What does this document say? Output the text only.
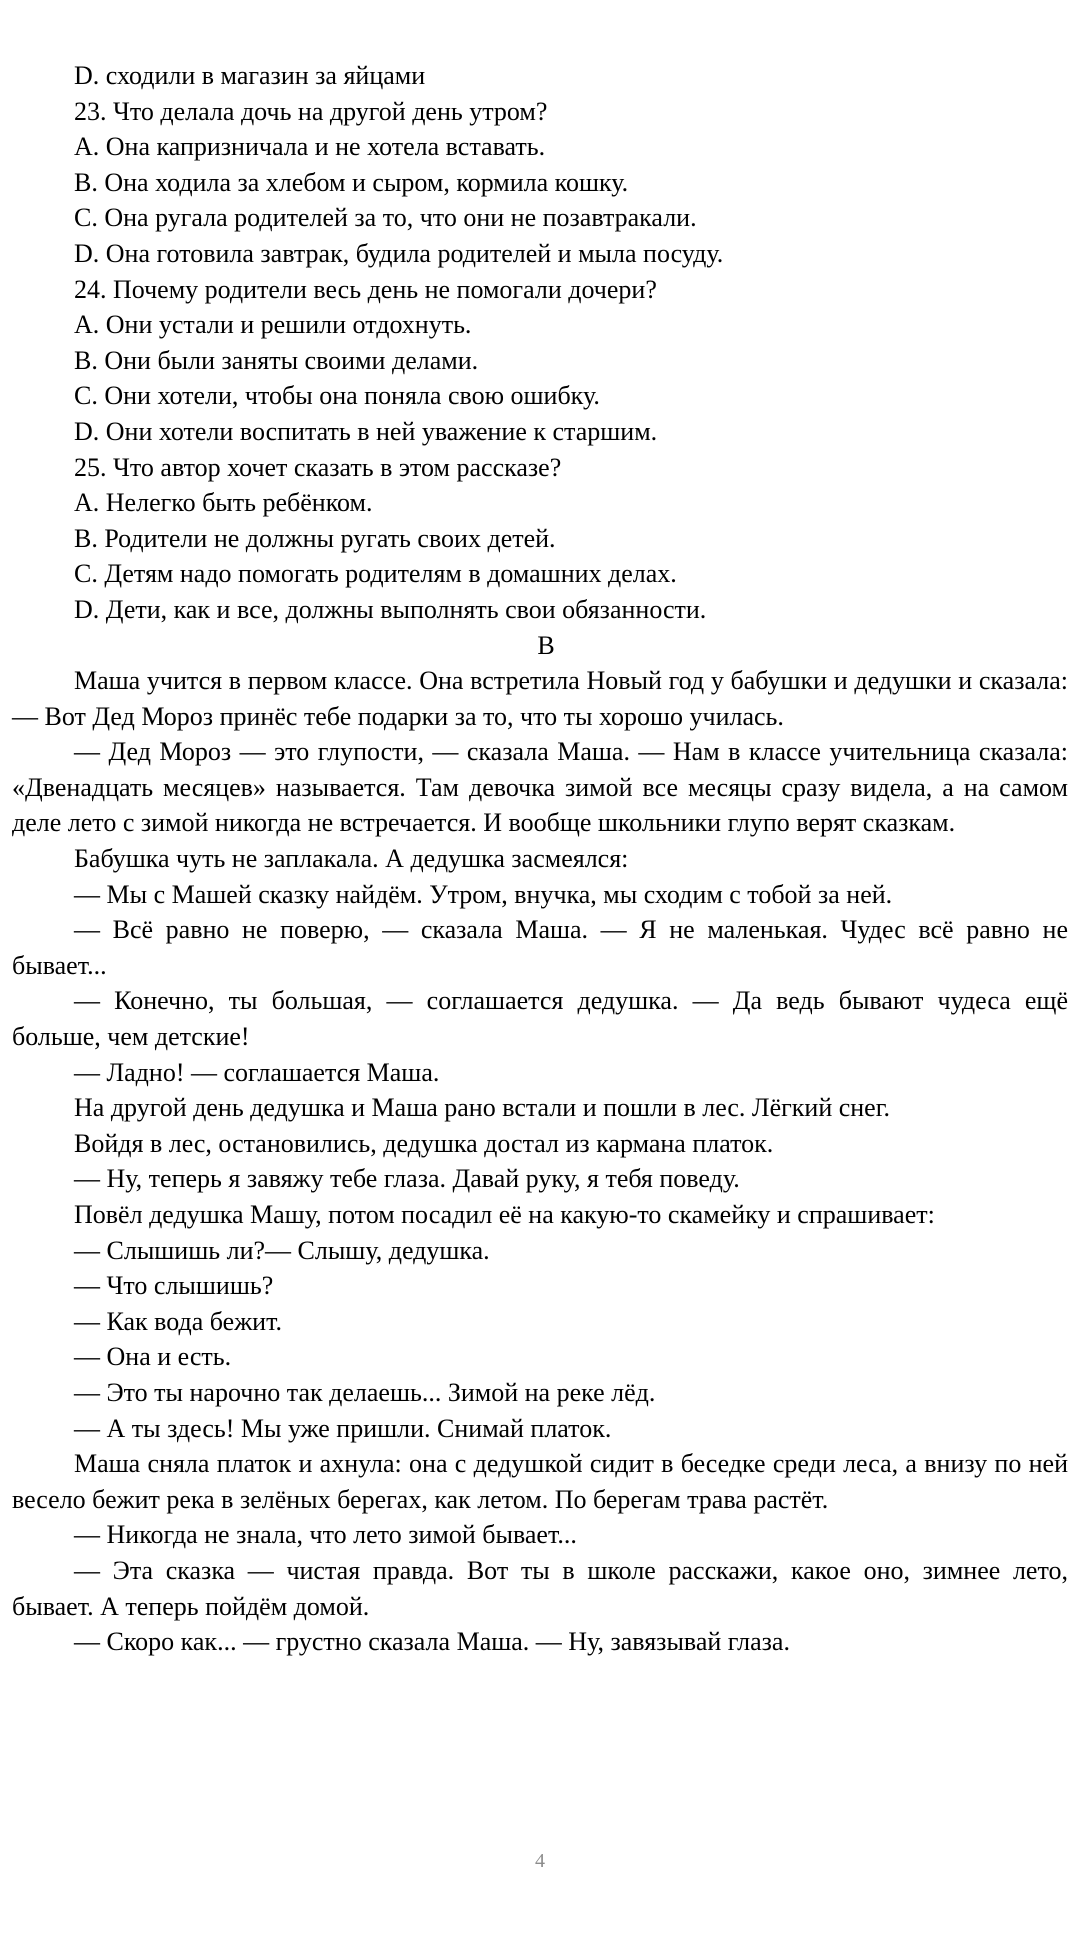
D. сходили в магазин за яйцами

23. Что делала дочь на другой день утром?

A. Она капризничала и не хотела вставать.

B. Она ходила за хлебом и сыром, кормила кошку.

C. Она ругала родителей за то, что они не позавтракали.

D. Она готовила завтрак, будила родителей и мыла посуду.

24. Почему родители весь день не помогали дочери?

A. Они устали и решили отдохнуть.

B. Они были заняты своими делами.

C. Они хотели, чтобы она поняла свою ошибку.

D. Они хотели воспитать в ней уважение к старшим.

25. Что автор хочет сказать в этом рассказе?

A. Нелегко быть ребёнком.

B. Родители не должны ругать своих детей.

C. Детям надо помогать родителям в домашних делах.

D. Дети, как и все, должны выполнять свои обязанности.

B

Маша учится в первом классе. Она встретила Новый год у бабушки и дедушки и сказала:— Вот Дед Мороз принёс тебе подарки за то, что ты хорошо училась.

— Дед Мороз — это глупости, — сказала Маша. — Нам в классе учительница сказала: «Двенадцать месяцев» называется. Там девочка зимой все месяцы сразу видела, а на самом деле лето с зимой никогда не встречается. И вообще школьники глупо верят сказкам.

Бабушка чуть не заплакала. А дедушка засмеялся:

— Мы с Машей сказку найдём. Утром, внучка, мы сходим с тобой за ней.

— Всё равно не поверю, — сказала Маша. — Я не маленькая. Чудес всё равно не бывает...

— Конечно, ты большая, — соглашается дедушка. — Да ведь бывают чудеса ещё больше, чем детские!

— Ладно! — соглашается Маша.

На другой день дедушка и Маша рано встали и пошли в лес. Лёгкий снег.

Войдя в лес, остановились, дедушка достал из кармана платок.

— Ну, теперь я завяжу тебе глаза. Давай руку, я тебя поведу.

Повёл дедушка Машу, потом посадил её на какую-то скамейку и спрашивает:

— Слышишь ли?— Слышу, дедушка.

— Что слышишь?

— Как вода бежит.

— Она и есть.

— Это ты нарочно так делаешь... Зимой на реке лёд.

— А ты здесь! Мы уже пришли. Снимай платок.

Маша сняла платок и ахнула: она с дедушкой сидит в беседке среди леса, а внизу по ней весело бежит река в зелёных берегах, как летом. По берегам трава растёт.

— Никогда не знала, что лето зимой бывает...

— Эта сказка — чистая правда. Вот ты в школе расскажи, какое оно, зимнее лето, бывает. А теперь пойдём домой.

— Скоро как... — грустно сказала Маша. — Ну, завязывай глаза.

4
